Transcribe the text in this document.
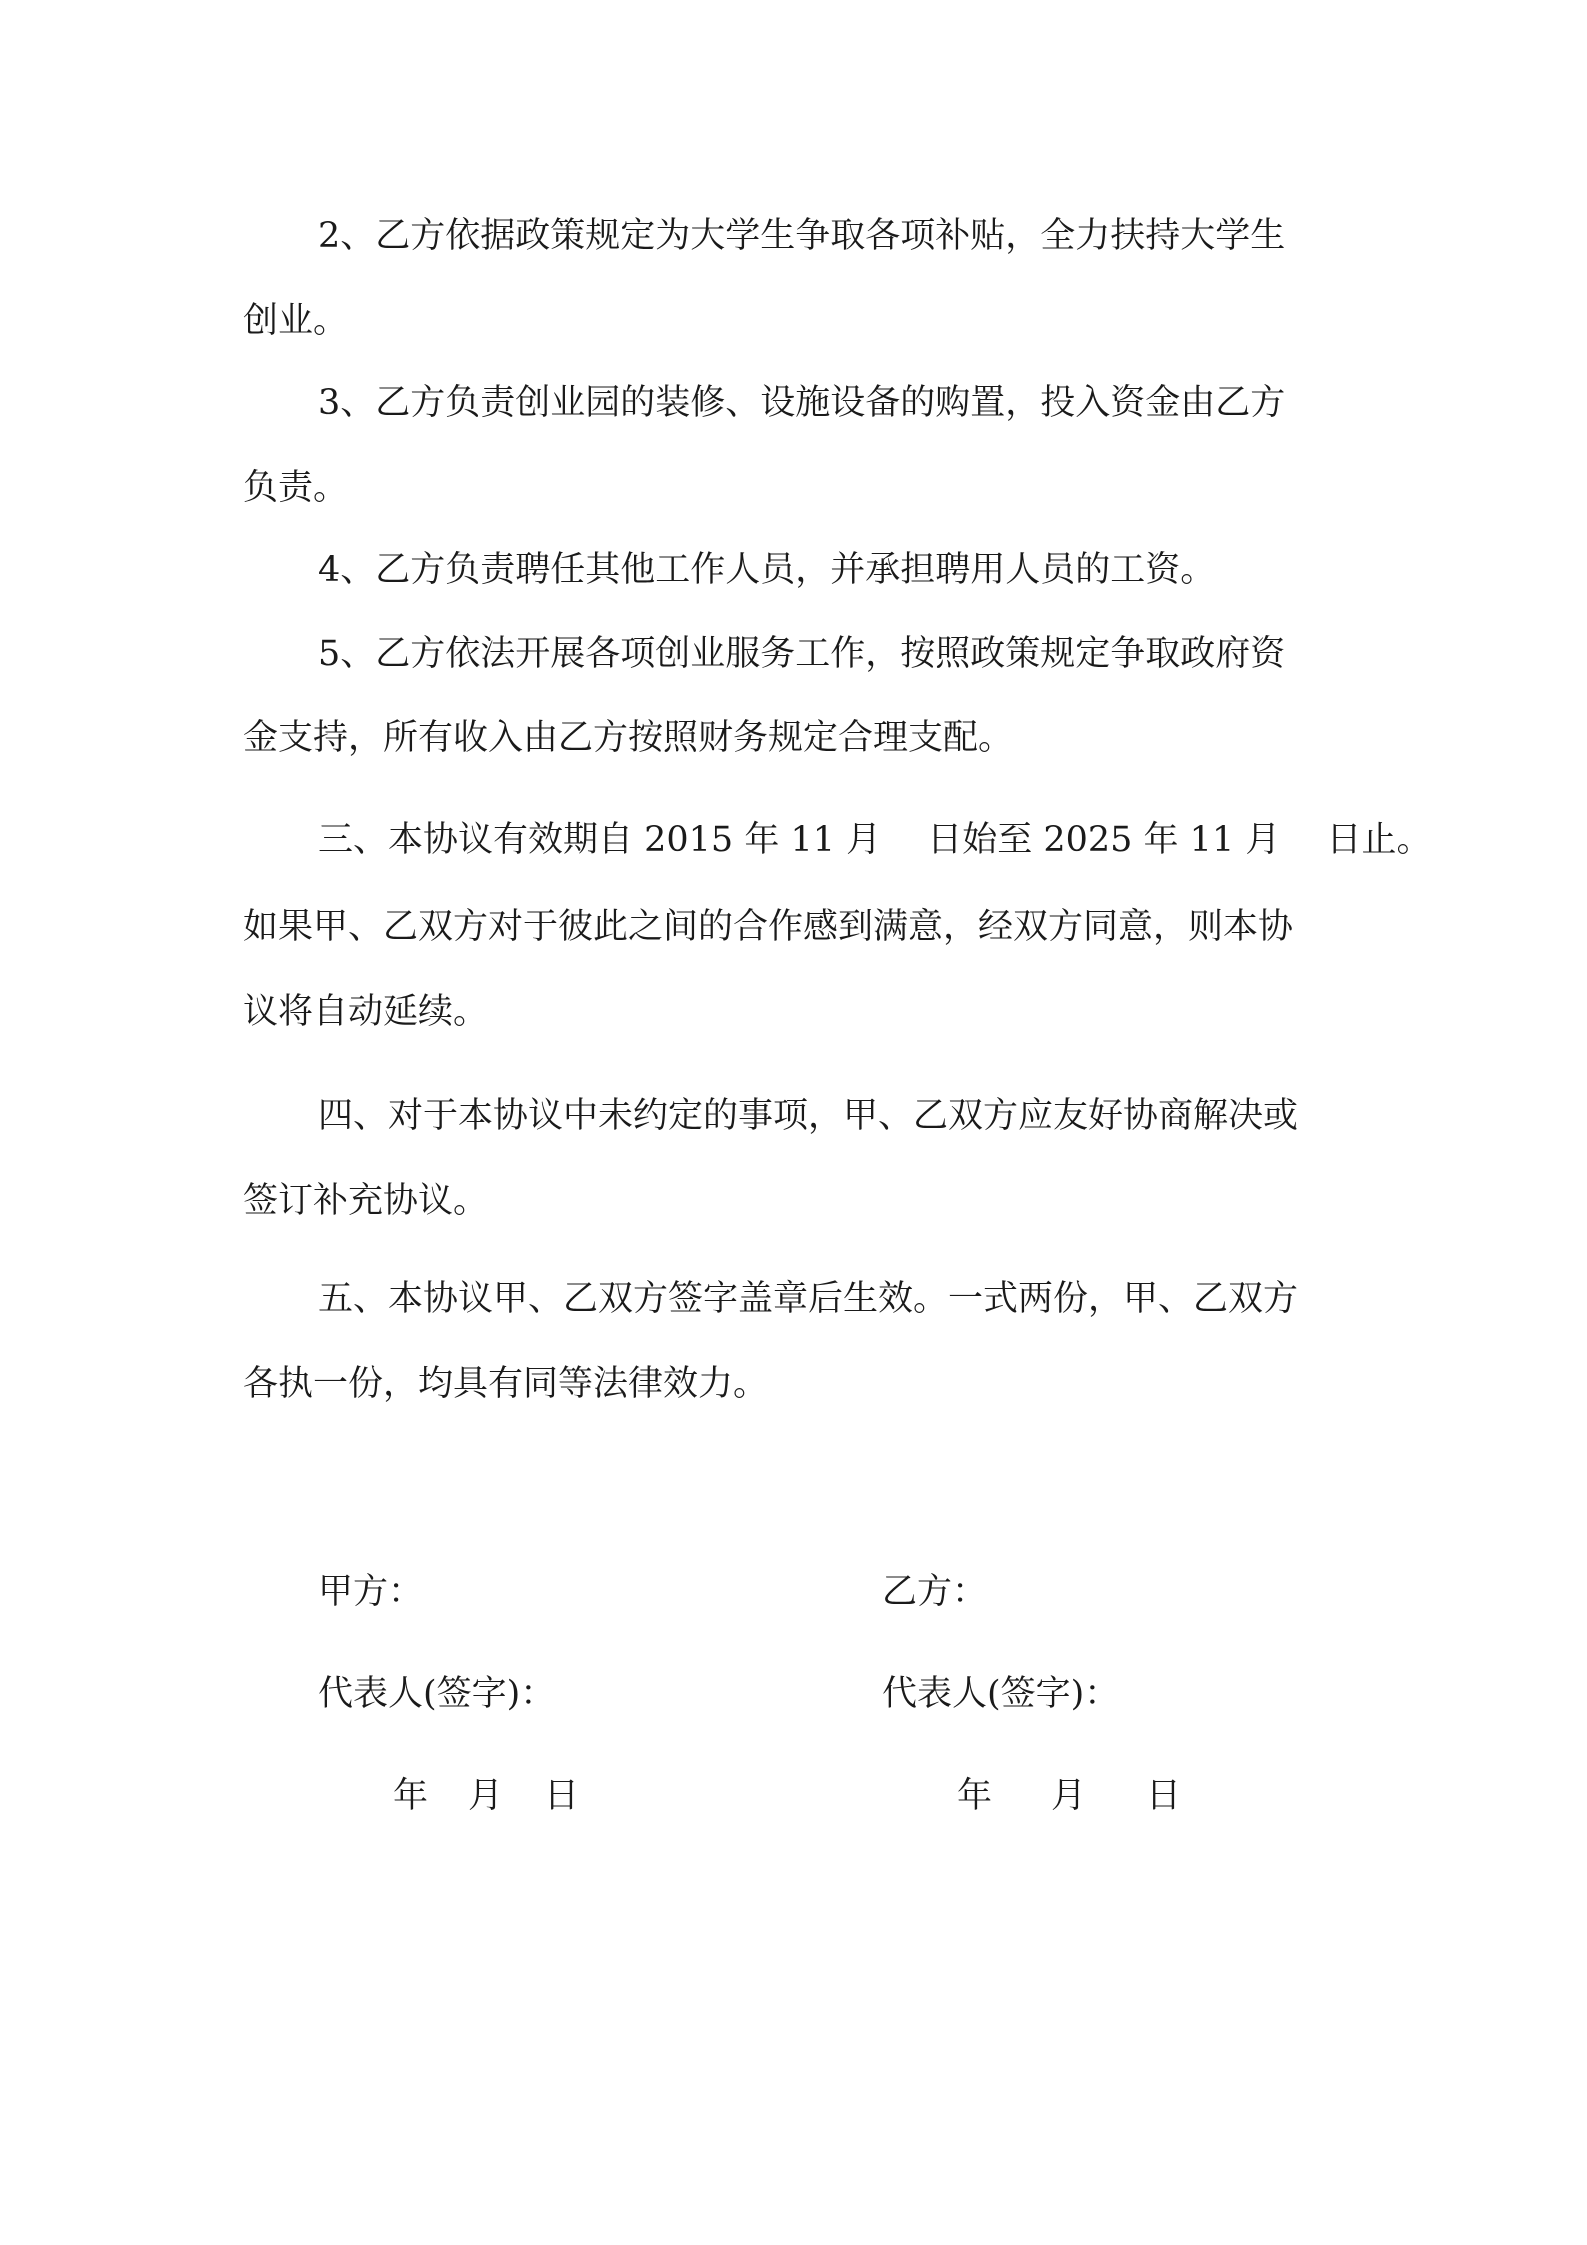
2、乙方依据政策规定为大学生争取各项补贴，全力扶持大学生
创业。
3、乙方负责创业园的装修、设施设备的购置，投入资金由乙方
负责。
4、乙方负责聘任其他工作人员，并承担聘用人员的工资。
5、乙方依法开展各项创业服务工作，按照政策规定争取政府资
金支持，所有收入由乙方按照财务规定合理支配。
三、本协议有效期自 2015 年 11 月　 日始至 2025 年 11 月　 日止。
如果甲、乙双方对于彼此之间的合作感到满意，经双方同意，则本协
议将自动延续。
四、对于本协议中未约定的事项，甲、乙双方应友好协商解决或
签订补充协议。
五、本协议甲、乙双方签字盖章后生效。一式两份，甲、乙双方
各执一份，均具有同等法律效力。
甲方：
代表人(签字)：
年 月 日
乙方：
代表人(签字)：
年 月 日
